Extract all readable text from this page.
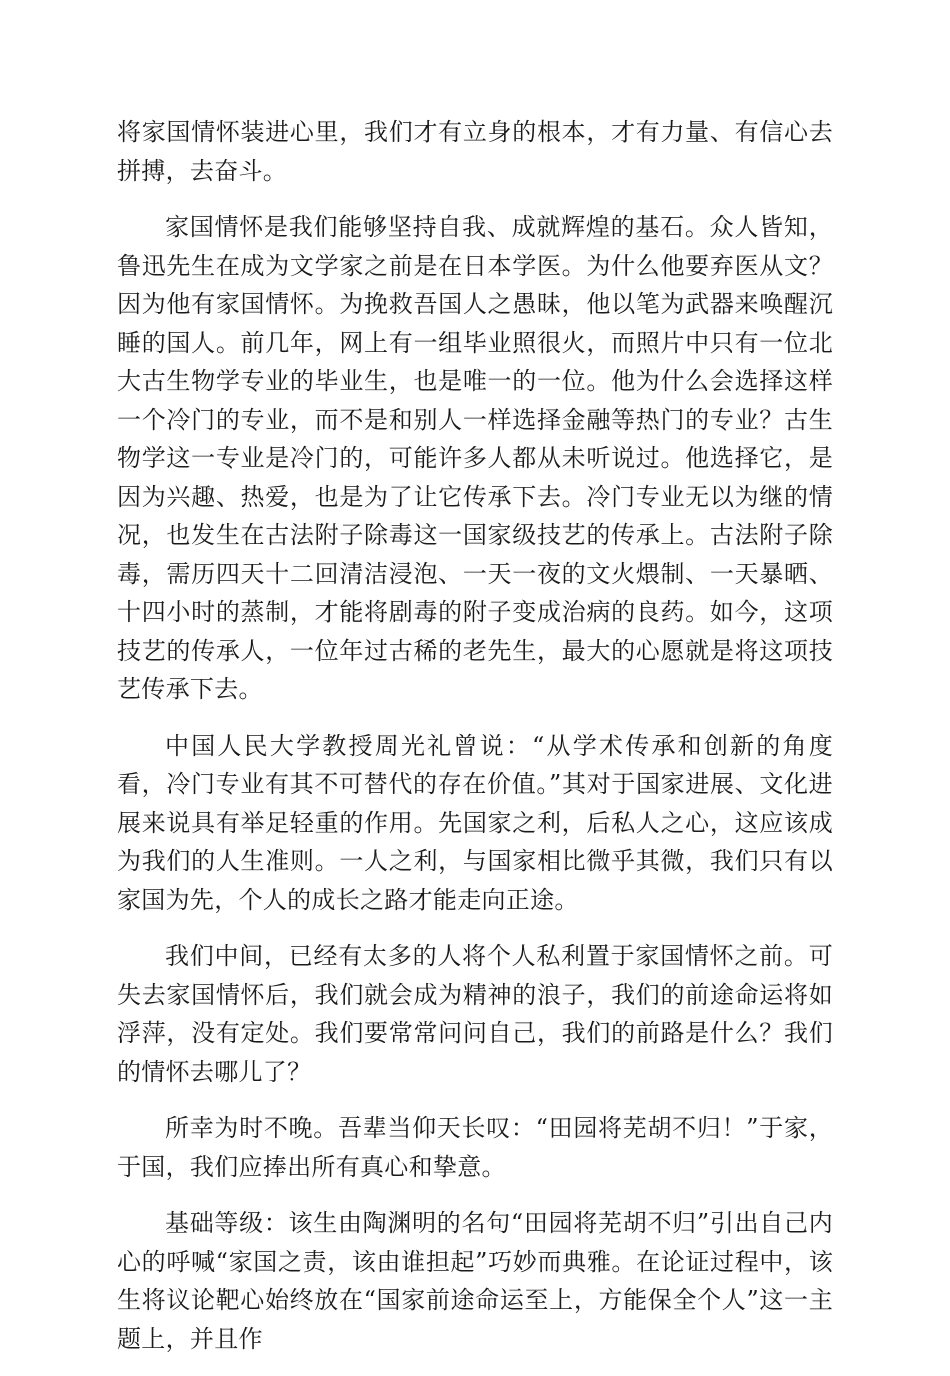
将家国情怀装进心里，我们才有立身的根本，才有力量、有信心去拼搏，去奋斗。

家国情怀是我们能够坚持自我、成就辉煌的基石。众人皆知，鲁迅先生在成为文学家之前是在日本学医。为什么他要弃医从文？因为他有家国情怀。为挽救吾国人之愚昧，他以笔为武器来唤醒沉睡的国人。前几年，网上有一组毕业照很火，而照片中只有一位北大古生物学专业的毕业生，也是唯一的一位。他为什么会选择这样一个冷门的专业，而不是和别人一样选择金融等热门的专业？古生物学这一专业是冷门的，可能许多人都从未听说过。他选择它，是因为兴趣、热爱，也是为了让它传承下去。冷门专业无以为继的情况，也发生在古法附子除毒这一国家级技艺的传承上。古法附子除毒，需历四天十二回清洁浸泡、一天一夜的文火煨制、一天暴晒、十四小时的蒸制，才能将剧毒的附子变成治病的良药。如今，这项技艺的传承人，一位年过古稀的老先生，最大的心愿就是将这项技艺传承下去。

中国人民大学教授周光礼曾说：“从学术传承和创新的角度看，冷门专业有其不可替代的存在价值。”其对于国家进展、文化进展来说具有举足轻重的作用。先国家之利，后私人之心，这应该成为我们的人生准则。一人之利，与国家相比微乎其微，我们只有以家国为先，个人的成长之路才能走向正途。

我们中间，已经有太多的人将个人私利置于家国情怀之前。可失去家国情怀后，我们就会成为精神的浪子，我们的前途命运将如浮萍，没有定处。我们要常常问问自己，我们的前路是什么？我们的情怀去哪儿了？

所幸为时不晚。吾辈当仰天长叹：“田园将芜胡不归！”于家，于国，我们应捧出所有真心和挚意。

基础等级：该生由陶渊明的名句“田园将芜胡不归”引出自己内心的呼喊“家国之责，该由谁担起”巧妙而典雅。在论证过程中，该生将议论靶心始终放在“国家前途命运至上，方能保全个人”这一主题上，并且作
